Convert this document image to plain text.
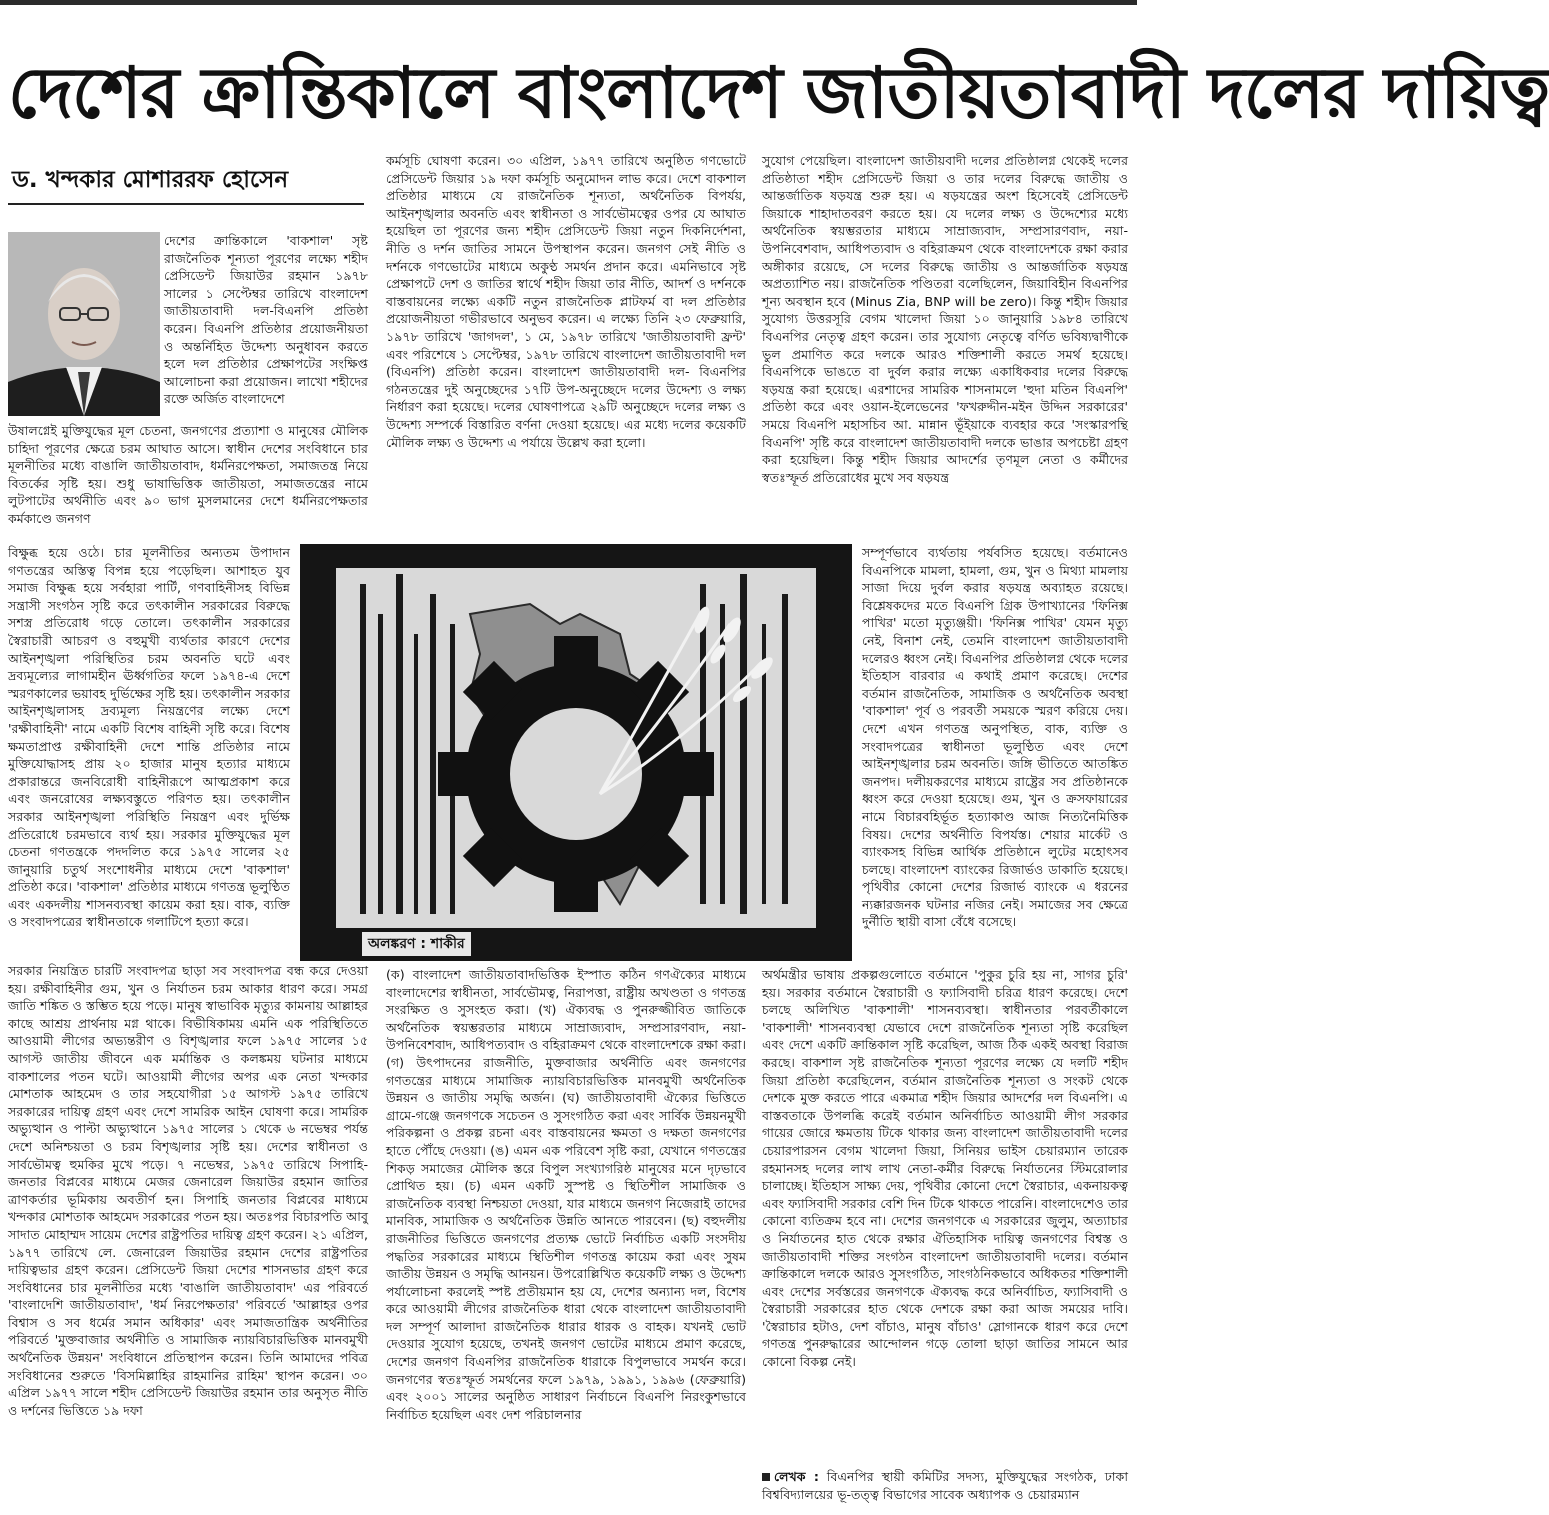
দেশের ক্রান্তিকালে বাংলাদেশ জাতীয়তাবাদী দলের দায়িত্ব
ড. খন্দকার মোশাররফ হোসেন

দেশের ক্রান্তিকালে 'বাকশাল' সৃষ্ট রাজনৈতিক শূন্যতা পূরণের লক্ষ্যে শহীদ প্রেসিডেন্ট জিয়াউর রহমান ১৯৭৮ সালের ১ সেপ্টেম্বর তারিখে বাংলাদেশ জাতীয়তাবাদী দল-বিএনপি প্রতিষ্ঠা করেন। বিএনপি প্রতিষ্ঠার প্রয়োজনীয়তা ও অন্তর্নিহিত উদ্দেশ্য অনুধাবন করতে হলে দল প্রতিষ্ঠার প্রেক্ষাপটের সংক্ষিপ্ত আলোচনা করা প্রয়োজন। লাখো শহীদের রক্তে অর্জিত বাংলাদেশে

উষালগ্নেই মুক্তিযুদ্ধের মূল চেতনা, জনগণের প্রত্যাশা ও মানুষের মৌলিক চাহিদা পূরণের ক্ষেত্রে চরম আঘাত আসে। স্বাধীন দেশের সংবিধানে চার মূলনীতির মধ্যে বাঙালি জাতীয়তাবাদ, ধর্মনিরপেক্ষতা, সমাজতন্ত্র নিয়ে বিতর্কের সৃষ্টি হয়। শুধু ভাষাভিত্তিক জাতীয়তা, সমাজতন্ত্রের নামে লুটপাটের অর্থনীতি এবং ৯০ ভাগ মুসলমানের দেশে ধর্মনিরপেক্ষতার কর্মকাণ্ডে জনগণ

বিক্ষুব্ধ হয়ে ওঠে। চার মূলনীতির অন্যতম উপাদান গণতন্ত্রের অস্তিত্ব বিপন্ন হয়ে পড়েছিল। আশাহত যুব সমাজ বিক্ষুব্ধ হয়ে সর্বহারা পার্টি, গণবাহিনীসহ বিভিন্ন সন্ত্রাসী সংগঠন সৃষ্টি করে তৎকালীন সরকারের বিরুদ্ধে সশস্ত্র প্রতিরোধ গড়ে তোলে। তৎকালীন সরকারের স্বৈরাচারী আচরণ ও বহুমুখী ব্যর্থতার কারণে দেশের আইনশৃঙ্খলা পরিস্থিতির চরম অবনতি ঘটে এবং দ্রব্যমূল্যের লাগামহীন ঊর্ধ্বগতির ফলে ১৯৭৪-এ দেশে স্মরণকালের ভয়াবহ দুর্ভিক্ষের সৃষ্টি হয়। তৎকালীন সরকার আইনশৃঙ্খলাসহ দ্রব্যমূল্য নিয়ন্ত্রণের লক্ষ্যে দেশে 'রক্ষীবাহিনী' নামে একটি বিশেষ বাহিনী সৃষ্টি করে। বিশেষ ক্ষমতাপ্রাপ্ত রক্ষীবাহিনী দেশে শান্তি প্রতিষ্ঠার নামে মুক্তিযোদ্ধাসহ প্রায় ২০ হাজার মানুষ হত্যার মাধ্যমে প্রকারান্তরে জনবিরোধী বাহিনীরূপে আত্মপ্রকাশ করে এবং জনরোষের লক্ষ্যবস্তুতে পরিণত হয়। তৎকালীন সরকার আইনশৃঙ্খলা পরিস্থিতি নিয়ন্ত্রণ এবং দুর্ভিক্ষ প্রতিরোধে চরমভাবে ব্যর্থ হয়। সরকার মুক্তিযুদ্ধের মূল চেতনা গণতন্ত্রকে পদদলিত করে ১৯৭৫ সালের ২৫ জানুয়ারি চতুর্থ সংশোধনীর মাধ্যমে দেশে 'বাকশাল' প্রতিষ্ঠা করে। 'বাকশাল' প্রতিষ্ঠার মাধ্যমে গণতন্ত্র ভূলুণ্ঠিত এবং একদলীয় শাসনব্যবস্থা কায়েম করা হয়। বাক, ব্যক্তি ও সংবাদপত্রের স্বাধীনতাকে গলাটিপে হত্যা করে।

সরকার নিয়ন্ত্রিত চারটি সংবাদপত্র ছাড়া সব সংবাদপত্র বন্ধ করে দেওয়া হয়। রক্ষীবাহিনীর গুম, খুন ও নির্যাতন চরম আকার ধারণ করে। সমগ্র জাতি শঙ্কিত ও স্তম্ভিত হয়ে পড়ে। মানুষ স্বাভাবিক মৃত্যুর কামনায় আল্লাহর কাছে আশ্রয় প্রার্থনায় মগ্ন থাকে। বিভীষিকাময় এমনি এক পরিস্থিতিতে আওয়ামী লীগের অভ্যন্তরীণ ও বিশৃঙ্খলার ফলে ১৯৭৫ সালের ১৫ আগস্ট জাতীয় জীবনে এক মর্মান্তিক ও কলঙ্কময় ঘটনার মাধ্যমে বাকশালের পতন ঘটে। আওয়ামী লীগের অপর এক নেতা খন্দকার মোশতাক আহমেদ ও তার সহযোগীরা ১৫ আগস্ট ১৯৭৫ তারিখে সরকারের দায়িত্ব গ্রহণ এবং দেশে সামরিক আইন ঘোষণা করে। সামরিক অভ্যুত্থান ও পাল্টা অভ্যুত্থানে ১৯৭৫ সালের ১ থেকে ৬ নভেম্বর পর্যন্ত দেশে অনিশ্চয়তা ও চরম বিশৃঙ্খলার সৃষ্টি হয়। দেশের স্বাধীনতা ও সার্বভৌমত্ব হুমকির মুখে পড়ে। ৭ নভেম্বর, ১৯৭৫ তারিখে সিপাহি-জনতার বিপ্লবের মাধ্যমে মেজর জেনারেল জিয়াউর রহমান জাতির ত্রাণকর্তার ভূমিকায় অবতীর্ণ হন। সিপাহি জনতার বিপ্লবের মাধ্যমে খন্দকার মোশতাক আহমেদ সরকারের পতন হয়। অতঃপর বিচারপতি আবু সাদাত মোহাম্মদ সায়েম দেশের রাষ্ট্রপতির দায়িত্ব গ্রহণ করেন। ২১ এপ্রিল, ১৯৭৭ তারিখে লে. জেনারেল জিয়াউর রহমান দেশের রাষ্ট্রপতির দায়িত্বভার গ্রহণ করেন। প্রেসিডেন্ট জিয়া দেশের শাসনভার গ্রহণ করে সংবিধানের চার মূলনীতির মধ্যে 'বাঙালি জাতীয়তাবাদ' এর পরিবর্তে 'বাংলাদেশি জাতীয়তাবাদ', 'ধর্ম নিরপেক্ষতার' পরিবর্তে 'আল্লাহর ওপর বিশ্বাস ও সব ধর্মের সমান অধিকার' এবং সমাজতান্ত্রিক অর্থনীতির পরিবর্তে 'মুক্তবাজার অর্থনীতি ও সামাজিক ন্যায়বিচারভিত্তিক মানবমুখী অর্থনৈতিক উন্নয়ন' সংবিধানে প্রতিস্থাপন করেন। তিনি আমাদের পবিত্র সংবিধানের শুরুতে 'বিসমিল্লাহির রাহমানির রাহিম' স্থাপন করেন। ৩০ এপ্রিল ১৯৭৭ সালে শহীদ প্রেসিডেন্ট জিয়াউর রহমান তার অনুসৃত নীতি ও দর্শনের ভিত্তিতে ১৯ দফা

কর্মসূচি ঘোষণা করেন। ৩০ এপ্রিল, ১৯৭৭ তারিখে অনুষ্ঠিত গণভোটে প্রেসিডেন্ট জিয়ার ১৯ দফা কর্মসূচি অনুমোদন লাভ করে। দেশে বাকশাল প্রতিষ্ঠার মাধ্যমে যে রাজনৈতিক শূন্যতা, অর্থনৈতিক বিপর্যয়, আইনশৃঙ্খলার অবনতি এবং স্বাধীনতা ও সার্বভৌমত্বের ওপর যে আঘাত হয়েছিল তা পূরণের জন্য শহীদ প্রেসিডেন্ট জিয়া নতুন দিকনির্দেশনা, নীতি ও দর্শন জাতির সামনে উপস্থাপন করেন। জনগণ সেই নীতি ও দর্শনকে গণভোটের মাধ্যমে অকুণ্ঠ সমর্থন প্রদান করে। এমনিভাবে সৃষ্ট প্রেক্ষাপটে দেশ ও জাতির স্বার্থে শহীদ জিয়া তার নীতি, আদর্শ ও দর্শনকে বাস্তবায়নের লক্ষ্যে একটি নতুন রাজনৈতিক প্লাটফর্ম বা দল প্রতিষ্ঠার প্রয়োজনীয়তা গভীরভাবে অনুভব করেন। এ লক্ষ্যে তিনি ২৩ ফেব্রুয়ারি, ১৯৭৮ তারিখে 'জাগদল', ১ মে, ১৯৭৮ তারিখে 'জাতীয়তাবাদী ফ্রন্ট' এবং পরিশেষে ১ সেপ্টেম্বর, ১৯৭৮ তারিখে বাংলাদেশ জাতীয়তাবাদী দল (বিএনপি) প্রতিষ্ঠা করেন। বাংলাদেশ জাতীয়তাবাদী দল- বিএনপির গঠনতন্ত্রের দুই অনুচ্ছেদের ১৭টি উপ-অনুচ্ছেদে দলের উদ্দেশ্য ও লক্ষ্য নির্ধারণ করা হয়েছে। দলের ঘোষণাপত্রে ২৯টি অনুচ্ছেদে দলের লক্ষ্য ও উদ্দেশ্য সম্পর্কে বিস্তারিত বর্ণনা দেওয়া হয়েছে। এর মধ্যে দলের কয়েকটি মৌলিক লক্ষ্য ও উদ্দেশ্য এ পর্যায়ে উল্লেখ করা হলো।

(ক) বাংলাদেশ জাতীয়তাবাদভিত্তিক ইস্পাত কঠিন গণঐক্যের মাধ্যমে বাংলাদেশের স্বাধীনতা, সার্বভৌমত্ব, নিরাপত্তা, রাষ্ট্রীয় অখণ্ডতা ও গণতন্ত্র সংরক্ষিত ও সুসংহত করা। (খ) ঐক্যবদ্ধ ও পুনরুজ্জীবিত জাতিকে অর্থনৈতিক স্বয়ম্ভরতার মাধ্যমে সাম্রাজ্যবাদ, সম্প্রসারণবাদ, নয়া-উপনিবেশবাদ, আধিপত্যবাদ ও বহিরাক্রমণ থেকে বাংলাদেশকে রক্ষা করা। (গ) উৎপাদনের রাজনীতি, মুক্তবাজার অর্থনীতি এবং জনগণের গণতন্ত্রের মাধ্যমে সামাজিক ন্যায়বিচারভিত্তিক মানবমুখী অর্থনৈতিক উন্নয়ন ও জাতীয় সমৃদ্ধি অর্জন। (ঘ) জাতীয়তাবাদী ঐক্যের ভিত্তিতে গ্রামে-গঞ্জে জনগণকে সচেতন ও সুসংগঠিত করা এবং সার্বিক উন্নয়নমুখী পরিকল্পনা ও প্রকল্প রচনা এবং বাস্তবায়নের ক্ষমতা ও দক্ষতা জনগণের হাতে পৌঁছে দেওয়া। (ঙ) এমন এক পরিবেশ সৃষ্টি করা, যেখানে গণতন্ত্রের শিকড় সমাজের মৌলিক স্তরে বিপুল সংখ্যাগরিষ্ঠ মানুষের মনে দৃঢ়ভাবে প্রোথিত হয়। (চ) এমন একটি সুস্পষ্ট ও স্থিতিশীল সামাজিক ও রাজনৈতিক ব্যবস্থা নিশ্চয়তা দেওয়া, যার মাধ্যমে জনগণ নিজেরাই তাদের মানবিক, সামাজিক ও অর্থনৈতিক উন্নতি আনতে পারবেন। (ছ) বহুদলীয় রাজনীতির ভিত্তিতে জনগণের প্রত্যক্ষ ভোটে নির্বাচিত একটি সংসদীয় পদ্ধতির সরকারের মাধ্যমে স্থিতিশীল গণতন্ত্র কায়েম করা এবং সুষম জাতীয় উন্নয়ন ও সমৃদ্ধি আনয়ন। উপরোল্লিখিত কয়েকটি লক্ষ্য ও উদ্দেশ্য পর্যালোচনা করলেই স্পষ্ট প্রতীয়মান হয় যে, দেশের অন্যান্য দল, বিশেষ করে আওয়ামী লীগের রাজনৈতিক ধারা থেকে বাংলাদেশ জাতীয়তাবাদী দল সম্পূর্ণ আলাদা রাজনৈতিক ধারার ধারক ও বাহক। যখনই ভোট দেওয়ার সুযোগ হয়েছে, তখনই জনগণ ভোটের মাধ্যমে প্রমাণ করেছে, দেশের জনগণ বিএনপির রাজনৈতিক ধারাকে বিপুলভাবে সমর্থন করে। জনগণের স্বতঃস্ফূর্ত সমর্থনের ফলে ১৯৭৯, ১৯৯১, ১৯৯৬ (ফেব্রুয়ারি) এবং ২০০১ সালের অনুষ্ঠিত সাধারণ নির্বাচনে বিএনপি নিরংকুশভাবে নির্বাচিত হয়েছিল এবং দেশ পরিচালনার

সুযোগ পেয়েছিল। বাংলাদেশ জাতীয়বাদী দলের প্রতিষ্ঠালগ্ন থেকেই দলের প্রতিষ্ঠাতা শহীদ প্রেসিডেন্ট জিয়া ও তার দলের বিরুদ্ধে জাতীয় ও আন্তর্জাতিক ষড়যন্ত্র শুরু হয়। এ ষড়যন্ত্রের অংশ হিসেবেই প্রেসিডেন্ট জিয়াকে শাহাদাতবরণ করতে হয়। যে দলের লক্ষ্য ও উদ্দেশ্যের মধ্যে অর্থনৈতিক স্বয়ম্ভরতার মাধ্যমে সাম্রাজ্যবাদ, সম্প্রসারণবাদ, নয়া-উপনিবেশবাদ, আধিপত্যবাদ ও বহিরাক্রমণ থেকে বাংলাদেশকে রক্ষা করার অঙ্গীকার রয়েছে, সে দলের বিরুদ্ধে জাতীয় ও আন্তর্জাতিক ষড়যন্ত্র অপ্রত্যাশিত নয়। রাজনৈতিক পণ্ডিতরা বলেছিলেন, জিয়াবিহীন বিএনপির শূন্য অবস্থান হবে (Minus Zia, BNP will be zero)। কিন্তু শহীদ জিয়ার সুযোগ্য উত্তরসূরি বেগম খালেদা জিয়া ১০ জানুয়ারি ১৯৮৪ তারিখে বিএনপির নেতৃত্ব গ্রহণ করেন। তার সুযোগ্য নেতৃত্বে বর্ণিত ভবিষ্যদ্বাণীকে ভুল প্রমাণিত করে দলকে আরও শক্তিশালী করতে সমর্থ হয়েছে। বিএনপিকে ভাঙতে বা দুর্বল করার লক্ষ্যে একাধিকবার দলের বিরুদ্ধে ষড়যন্ত্র করা হয়েছে। এরশাদের সামরিক শাসনামলে 'হুদা মতিন বিএনপি' প্রতিষ্ঠা করে এবং ওয়ান-ইলেভেনের 'ফখরুদ্দীন-মইন উদ্দিন সরকারের' সময়ে বিএনপি মহাসচিব আ. মান্নান ভূঁইয়াকে ব্যবহার করে 'সংস্কারপন্থি বিএনপি' সৃষ্টি করে বাংলাদেশ জাতীয়তাবাদী দলকে ভাঙার অপচেষ্টা গ্রহণ করা হয়েছিল। কিন্তু শহীদ জিয়ার আদর্শের তৃণমূল নেতা ও কর্মীদের স্বতঃস্ফূর্ত প্রতিরোধের মুখে সব ষড়যন্ত্র

সম্পূর্ণভাবে ব্যর্থতায় পর্যবসিত হয়েছে। বর্তমানেও বিএনপিকে মামলা, হামলা, গুম, খুন ও মিথ্যা মামলায় সাজা দিয়ে দুর্বল করার ষড়যন্ত্র অব্যাহত রয়েছে। বিশ্লেষকদের মতে বিএনপি গ্রিক উপাখ্যানের 'ফিনিক্স পাখির' মতো মৃত্যুঞ্জয়ী। 'ফিনিক্স পাখির' যেমন মৃত্যু নেই, বিনাশ নেই, তেমনি বাংলাদেশ জাতীয়তাবাদী দলেরও ধ্বংস নেই। বিএনপির প্রতিষ্ঠালগ্ন থেকে দলের ইতিহাস বারবার এ কথাই প্রমাণ করেছে। দেশের বর্তমান রাজনৈতিক, সামাজিক ও অর্থনৈতিক অবস্থা 'বাকশাল' পূর্ব ও পরবর্তী সময়কে স্মরণ করিয়ে দেয়। দেশে এখন গণতন্ত্র অনুপস্থিত, বাক, ব্যক্তি ও সংবাদপত্রের স্বাধীনতা ভূলুণ্ঠিত এবং দেশে আইনশৃঙ্খলার চরম অবনতি। জঙ্গি ভীতিতে আতঙ্কিত জনপদ। দলীয়করণের মাধ্যমে রাষ্ট্রের সব প্রতিষ্ঠানকে ধ্বংস করে দেওয়া হয়েছে। গুম, খুন ও ক্রসফায়ারের নামে বিচারবহির্ভূত হত্যাকাণ্ড আজ নিত্যনৈমিত্তিক বিষয়। দেশের অর্থনীতি বিপর্যস্ত। শেয়ার মার্কেট ও ব্যাংকসহ বিভিন্ন আর্থিক প্রতিষ্ঠানে লুটের মহোৎসব চলছে। বাংলাদেশ ব্যাংকের রিজার্ভও ডাকাতি হয়েছে। পৃথিবীর কোনো দেশের রিজার্ভ ব্যাংকে এ ধরনের ন্যক্কারজনক ঘটনার নজির নেই। সমাজের সব ক্ষেত্রে দুর্নীতি স্থায়ী বাসা বেঁধে বসেছে।

অর্থমন্ত্রীর ভাষায় প্রকল্পগুলোতে বর্তমানে 'পুকুর চুরি হয় না, সাগর চুরি' হয়। সরকার বর্তমানে স্বৈরাচারী ও ফ্যাসিবাদী চরিত্র ধারণ করেছে। দেশে চলছে অলিখিত 'বাকশালী' শাসনব্যবস্থা। স্বাধীনতার পরবর্তীকালে 'বাকশালী' শাসনব্যবস্থা যেভাবে দেশে রাজনৈতিক শূন্যতা সৃষ্টি করেছিল এবং দেশে একটি ক্রান্তিকাল সৃষ্টি করেছিল, আজ ঠিক একই অবস্থা বিরাজ করছে। বাকশাল সৃষ্ট রাজনৈতিক শূন্যতা পূরণের লক্ষ্যে যে দলটি শহীদ জিয়া প্রতিষ্ঠা করেছিলেন, বর্তমান রাজনৈতিক শূন্যতা ও সংকট থেকে দেশকে মুক্ত করতে পারে একমাত্র শহীদ জিয়ার আদর্শের দল বিএনপি। এ বাস্তবতাকে উপলব্ধি করেই বর্তমান অনির্বাচিত আওয়ামী লীগ সরকার গায়ের জোরে ক্ষমতায় টিকে থাকার জন্য বাংলাদেশ জাতীয়তাবাদী দলের চেয়ারপারসন বেগম খালেদা জিয়া, সিনিয়র ভাইস চেয়ারম্যান তারেক রহমানসহ দলের লাখ লাখ নেতা-কর্মীর বিরুদ্ধে নির্যাতনের স্টিমরোলার চালাচ্ছে। ইতিহাস সাক্ষ্য দেয়, পৃথিবীর কোনো দেশে স্বৈরাচার, একনায়কত্ব এবং ফ্যাসিবাদী সরকার বেশি দিন টিকে থাকতে পারেনি। বাংলাদেশেও তার কোনো ব্যতিক্রম হবে না। দেশের জনগণকে এ সরকারের জুলুম, অত্যাচার ও নির্যাতনের হাত থেকে রক্ষার ঐতিহাসিক দায়িত্ব জনগণের বিশ্বস্ত ও জাতীয়তাবাদী শক্তির সংগঠন বাংলাদেশ জাতীয়তাবাদী দলের। বর্তমান ক্রান্তিকালে দলকে আরও সুসংগঠিত, সাংগঠনিকভাবে অধিকতর শক্তিশালী এবং দেশের সর্বস্তরের জনগণকে ঐক্যবদ্ধ করে অনির্বাচিত, ফ্যাসিবাদী ও স্বৈরাচারী সরকারের হাত থেকে দেশকে রক্ষা করা আজ সময়ের দাবি। 'স্বৈরাচার হটাও, দেশ বাঁচাও, মানুষ বাঁচাও' স্লোগানকে ধারণ করে দেশে গণতন্ত্র পুনরুদ্ধারের আন্দোলন গড়ে তোলা ছাড়া জাতির সামনে আর কোনো বিকল্প নেই।

লেখক : বিএনপির স্থায়ী কমিটির সদস্য, মুক্তিযুদ্ধের সংগঠক, ঢাকা বিশ্ববিদ্যালয়ের ভূ-তত্ত্ব বিভাগের সাবেক অধ্যাপক ও চেয়ারম্যান

অলঙ্করণ : শাকীর
